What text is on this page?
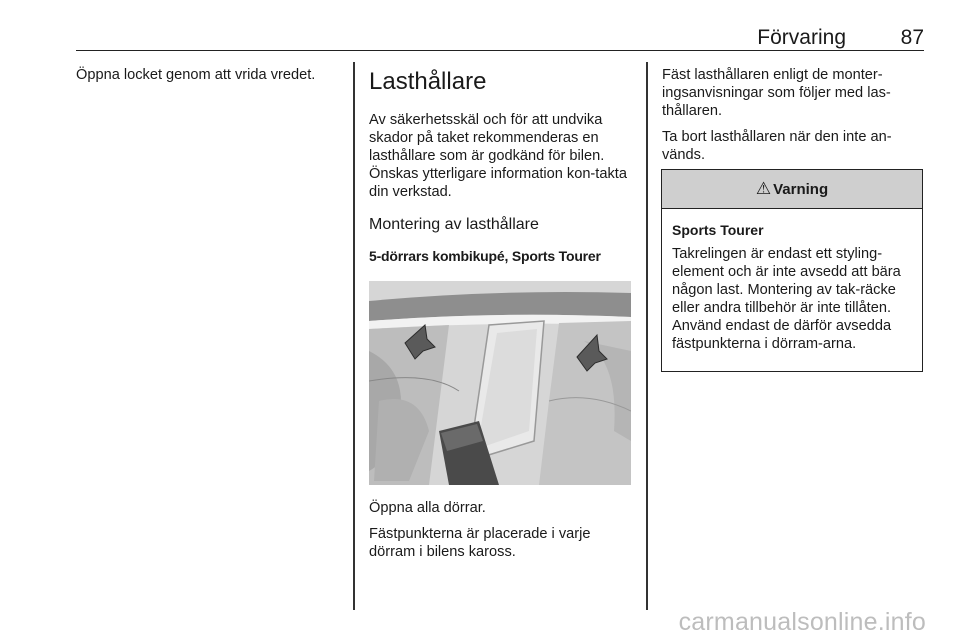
Förvaring	87

Öppna locket genom att vrida vredet.	Lasthållare

Av säkerhetsskäl och för att undvika skador på taket rekommenderas en lasthållare som är godkänd för bilen. Önskas ytterligare information kon-takta din verkstad.

Montering av lasthållare
5-dörrars kombikupé, Sports Tourer

Öppna alla dörrar.

Fästpunkterna är placerade i varje dörram i bilens kaross.

Fäst lasthållaren enligt de monter-ingsanvisningar som följer med las-thållaren.

Ta bort lasthållaren när den inte an-vänds.

⚠ Varning
Sports Tourer
Takrelingen är endast ett styling-element och är inte avsedd att bära någon last. Montering av tak-räcke eller andra tillbehör är inte tillåten. Använd endast de därför avsedda fästpunkterna i dörram-arna.
carmanualsonline.info
